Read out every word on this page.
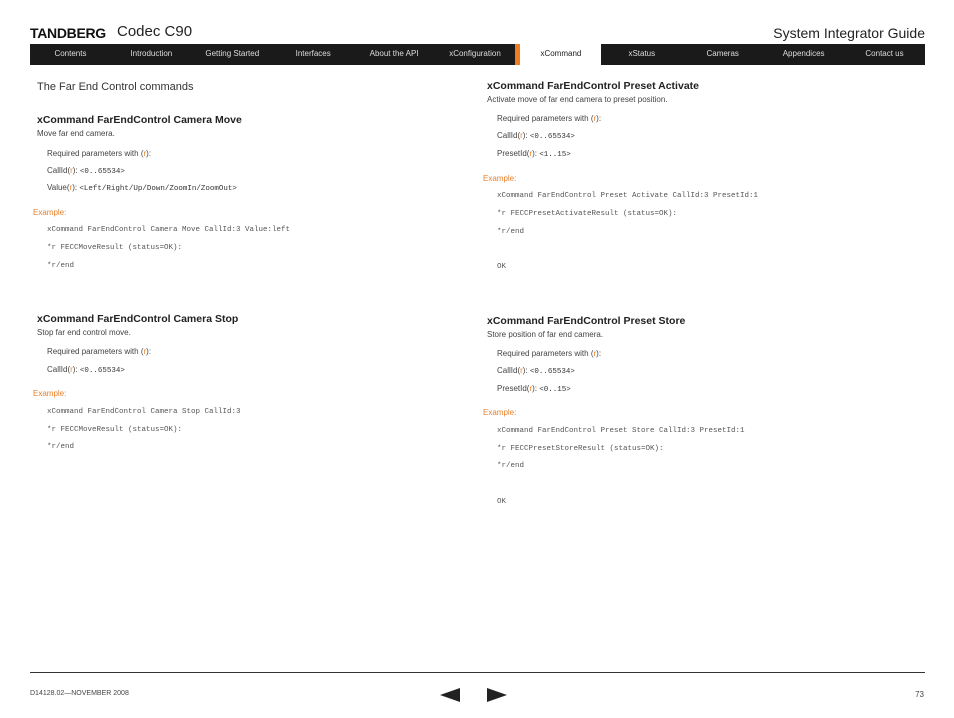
TANDBERG Codec C90	System Integrator Guide
Contents	Introduction	Getting Started	Interfaces	About the API	xConfiguration	xCommand	xStatus	Cameras	Appendices	Contact us
The Far End Control commands
xCommand FarEndControl Camera Move
Move far end camera.
Required parameters with (r):
CallId(r): <0..65534>
Value(r): <Left/Right/Up/Down/ZoomIn/ZoomOut>
Example:
xCommand FarEndControl Camera Move CallId:3 Value:left
*r FECCMoveResult (status=OK):
*r/end
xCommand FarEndControl Camera Stop
Stop far end control move.
Required parameters with (r):
CallId(r): <0..65534>
Example:
xCommand FarEndControl Camera Stop CallId:3
*r FECCMoveResult (status=OK):
*r/end
xCommand FarEndControl Preset Activate
Activate move of far end camera to preset position.
Required parameters with (r):
CallId(r): <0..65534>
PresetId(r): <1..15>
Example:
xCommand FarEndControl Preset Activate CallId:3 PresetId:1
*r FECCPresetActivateResult (status=OK):
*r/end
OK
xCommand FarEndControl Preset Store
Store position of far end camera.
Required parameters with (r):
CallId(r): <0..65534>
PresetId(r): <0..15>
Example:
xCommand FarEndControl Preset Store CallId:3 PresetId:1
*r FECCPresetStoreResult (status=OK):
*r/end
OK
D14128.02—NOVEMBER 2008	73
